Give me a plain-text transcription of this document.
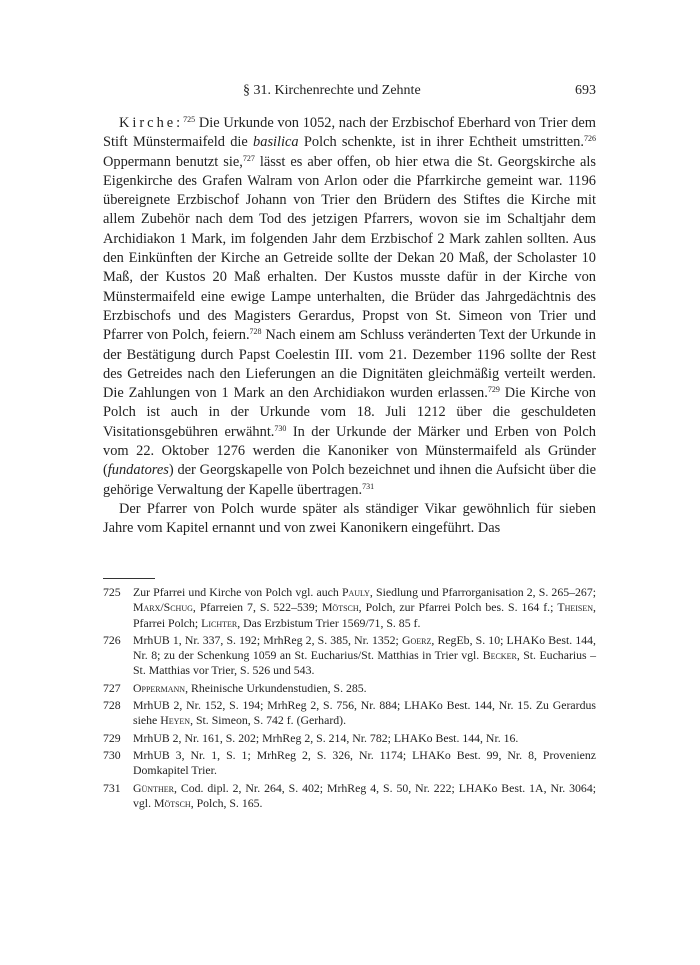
§ 31. Kirchenrechte und Zehnte	693

Kirche:$^{725}$ Die Urkunde von 1052, nach der Erzbischof Eberhard von Trier dem Stift Münstermaifeld die basilica Polch schenkte, ist in ihrer Echtheit umstritten.$^{726}$ Oppermann benutzt sie,$^{727}$ lässt es aber offen, ob hier etwa die St. Georgskirche als Eigenkirche des Grafen Walram von Arlon oder die Pfarrkirche gemeint war. 1196 übereignete Erzbischof Johann von Trier den Brüdern des Stiftes die Kirche mit allem Zubehör nach dem Tod des jetzigen Pfarrers, wovon sie im Schaltjahr dem Archidiakon 1 Mark, im folgenden Jahr dem Erzbischof 2 Mark zahlen sollten. Aus den Einkünften der Kirche an Getreide sollte der Dekan 20 Maß, der Scholaster 10 Maß, der Kustos 20 Maß erhalten. Der Kustos musste dafür in der Kirche von Münstermaifeld eine ewige Lampe unterhalten, die Brüder das Jahrgedächtnis des Erzbischofs und des Magisters Gerardus, Propst von St. Simeon von Trier und Pfarrer von Polch, feiern.$^{728}$ Nach einem am Schluss veränderten Text der Urkunde in der Bestätigung durch Papst Coelestin III. vom 21. Dezember 1196 sollte der Rest des Getreides nach den Lieferungen an die Dignitäten gleichmäßig verteilt werden. Die Zahlungen von 1 Mark an den Archidiakon wurden erlassen.$^{729}$ Die Kirche von Polch ist auch in der Urkunde vom 18. Juli 1212 über die geschuldeten Visitationsgebühren erwähnt.$^{730}$ In der Urkunde der Märker und Erben von Polch vom 22. Oktober 1276 werden die Kanoniker von Münstermaifeld als Gründer (fundatores) der Georgskapelle von Polch bezeichnet und ihnen die Aufsicht über die gehörige Verwaltung der Kapelle übertragen.$^{731}$

Der Pfarrer von Polch wurde später als ständiger Vikar gewöhnlich für sieben Jahre vom Kapitel ernannt und von zwei Kanonikern eingeführt. Das

725	Zur Pfarrei und Kirche von Polch vgl. auch Pauly, Siedlung und Pfarrorganisation 2, S. 265–267; Marx/Schug, Pfarreien 7, S. 522–539; Mötsch, Polch, zur Pfarrei Polch bes. S. 164 f.; Theisen, Pfarrei Polch; Lichter, Das Erzbistum Trier 1569/71, S. 85 f.
726	MrhUB 1, Nr. 337, S. 192; MrhReg 2, S. 385, Nr. 1352; Goerz, RegEb, S. 10; LHAKo Best. 144, Nr. 8; zu der Schenkung 1059 an St. Eucharius/St. Matthias in Trier vgl. Becker, St. Eucharius – St. Matthias vor Trier, S. 526 und 543.
727	Oppermann, Rheinische Urkundenstudien, S. 285.
728	MrhUB 2, Nr. 152, S. 194; MrhReg 2, S. 756, Nr. 884; LHAKo Best. 144, Nr. 15. Zu Gerardus siehe Heyen, St. Simeon, S. 742 f. (Gerhard).
729	MrhUB 2, Nr. 161, S. 202; MrhReg 2, S. 214, Nr. 782; LHAKo Best. 144, Nr. 16.
730	MrhUB 3, Nr. 1, S. 1; MrhReg 2, S. 326, Nr. 1174; LHAKo Best. 99, Nr. 8, Provenienz Domkapitel Trier.
731	Günther, Cod. dipl. 2, Nr. 264, S. 402; MrhReg 4, S. 50, Nr. 222; LHAKo Best. 1A, Nr. 3064; vgl. Mötsch, Polch, S. 165.
